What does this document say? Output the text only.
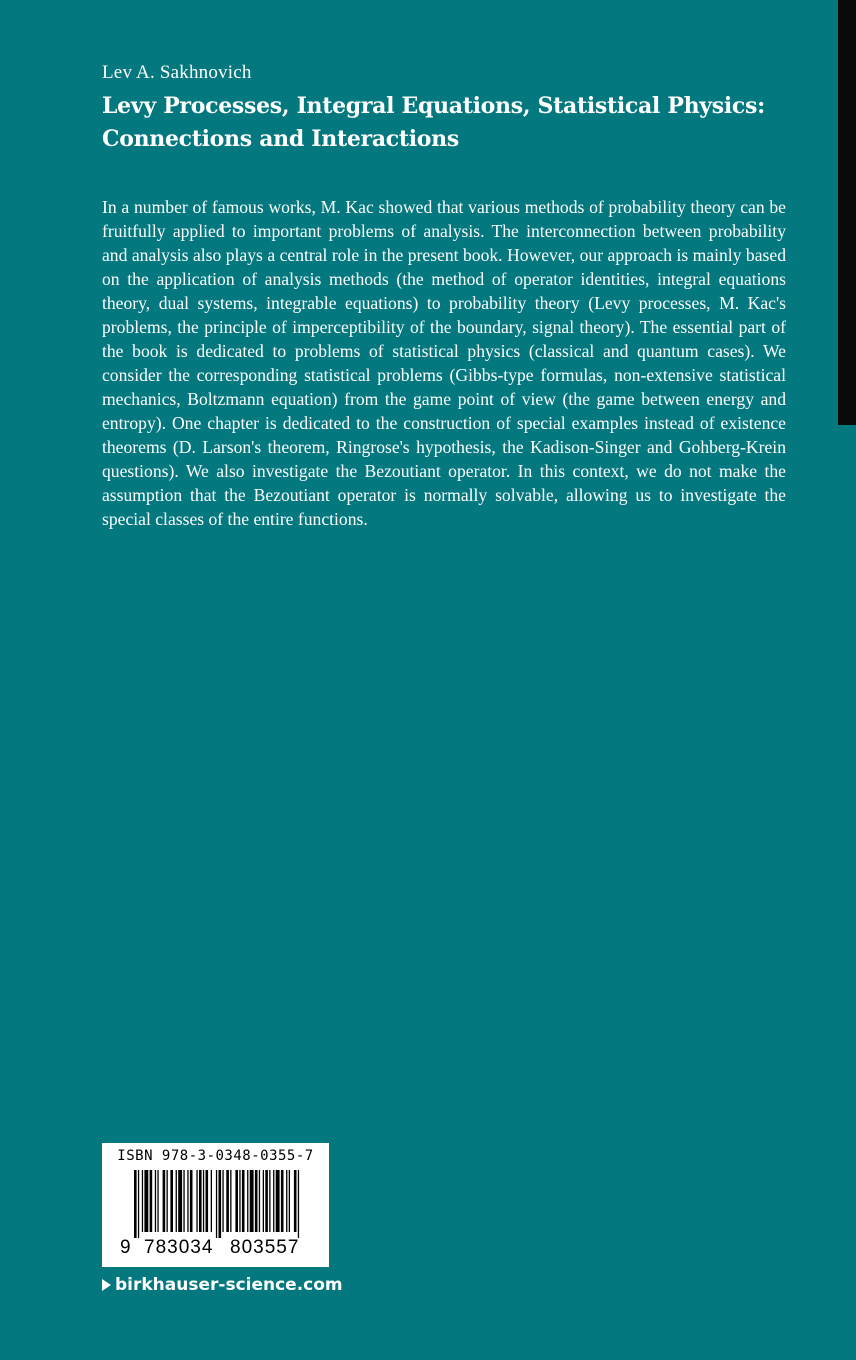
Lev A. Sakhnovich
Levy Processes, Integral Equations, Statistical Physics:
Connections and Interactions

In a number of famous works, M. Kac showed that various methods of probability theory can be fruitfully applied to important problems of analysis. The interconnection between probability and analysis also plays a central role in the present book. However, our approach is mainly based on the application of analysis methods (the method of operator identities, integral equations theory, dual systems, integrable equations) to probability theory (Levy processes, M. Kac's problems, the principle of imperceptibility of the boundary, signal theory). The essential part of the book is dedicated to problems of statistical physics (classical and quantum cases). We consider the corresponding statistical problems (Gibbs-type formulas, non-extensive statistical mechanics, Boltzmann equation) from the game point of view (the game between energy and entropy). One chapter is dedicated to the construction of special examples instead of existence theorems (D. Larson's theorem, Ringrose's hypothesis, the Kadison-Singer and Gohberg-Krein questions). We also investigate the Bezoutiant operator. In this context, we do not make the assumption that the Bezoutiant operator is normally solvable, allowing us to investigate the special classes of the entire functions.

ISBN 978-3-0348-0355-7
9 783034 803557
birkhauser-science.com
